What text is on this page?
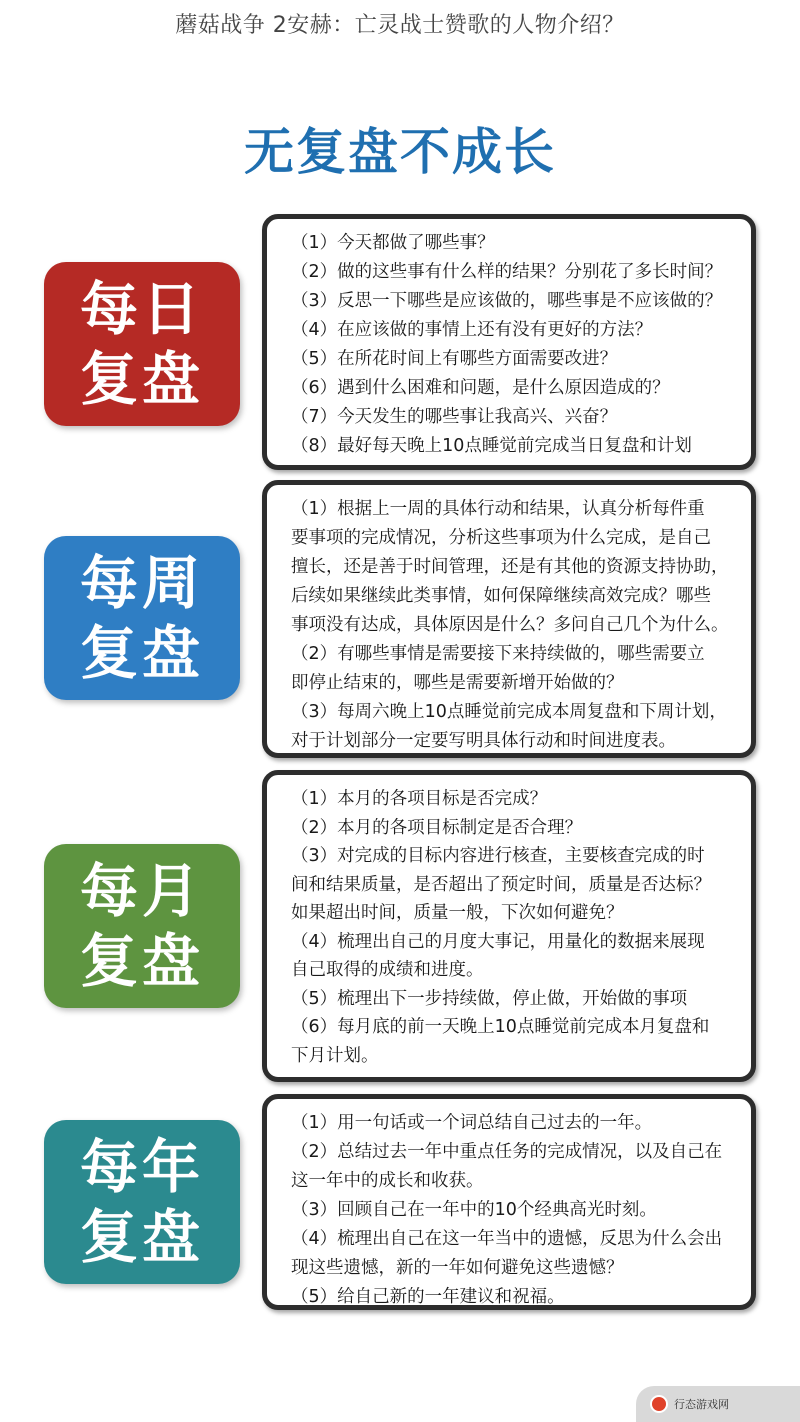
蘑菇战争 2安赫：亡灵战士赞歌的人物介绍？
无复盘不成长
每日
复盘
（1）今天都做了哪些事？
（2）做的这些事有什么样的结果？分别花了多长时间？
（3）反思一下哪些是应该做的，哪些事是不应该做的？
（4）在应该做的事情上还有没有更好的方法？
（5）在所花时间上有哪些方面需要改进？
（6）遇到什么困难和问题，是什么原因造成的？
（7）今天发生的哪些事让我高兴、兴奋？
（8）最好每天晚上10点睡觉前完成当日复盘和计划
每周
复盘
（1）根据上一周的具体行动和结果，认真分析每件重
要事项的完成情况，分析这些事项为什么完成，是自己
擅长，还是善于时间管理，还是有其他的资源支持协助，
后续如果继续此类事情，如何保障继续高效完成？哪些
事项没有达成，具体原因是什么？多问自己几个为什么。
（2）有哪些事情是需要接下来持续做的，哪些需要立
即停止结束的，哪些是需要新增开始做的？
（3）每周六晚上10点睡觉前完成本周复盘和下周计划，
对于计划部分一定要写明具体行动和时间进度表。
每月
复盘
（1）本月的各项目标是否完成？
（2）本月的各项目标制定是否合理？
（3）对完成的目标内容进行核查，主要核查完成的时
间和结果质量，是否超出了预定时间，质量是否达标？
如果超出时间，质量一般，下次如何避免？
（4）梳理出自己的月度大事记，用量化的数据来展现
自己取得的成绩和进度。
（5）梳理出下一步持续做，停止做，开始做的事项
（6）每月底的前一天晚上10点睡觉前完成本月复盘和
下月计划。
每年
复盘
（1）用一句话或一个词总结自己过去的一年。
（2）总结过去一年中重点任务的完成情况，以及自己在
这一年中的成长和收获。
（3）回顾自己在一年中的10个经典高光时刻。
（4）梳理出自己在这一年当中的遗憾，反思为什么会出
现这些遗憾，新的一年如何避免这些遗憾？
（5）给自己新的一年建议和祝福。
行态游戏网
